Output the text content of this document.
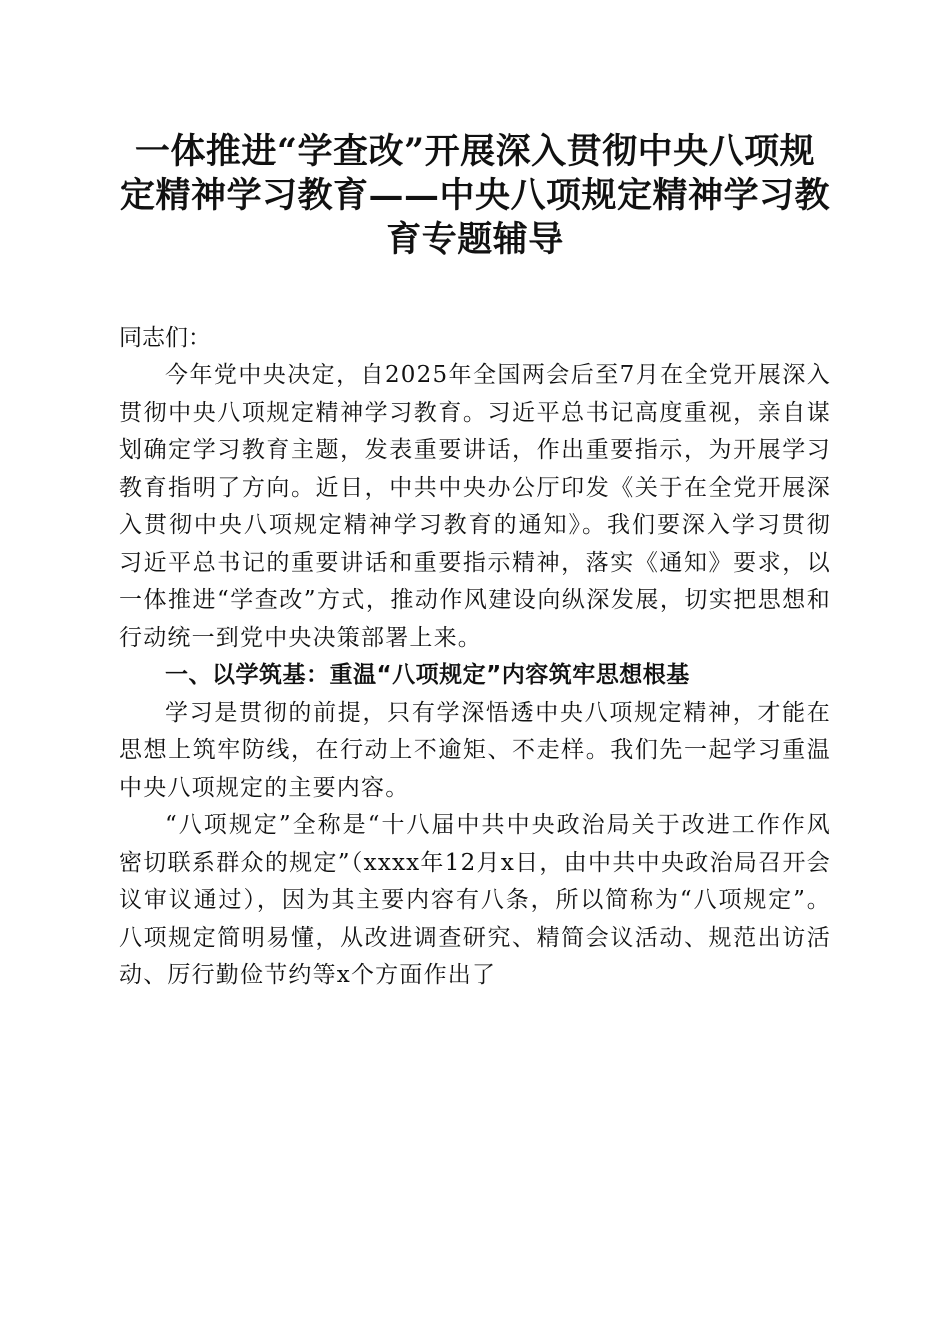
一体推进“学查改”开展深入贯彻中央八项规定精神学习教育——中央八项规定精神学习教育专题辅导
同志们：

今年党中央决定，自2025年全国两会后至7月在全党开展深入贯彻中央八项规定精神学习教育。习近平总书记高度重视，亲自谋划确定学习教育主题，发表重要讲话，作出重要指示，为开展学习教育指明了方向。近日，中共中央办公厅印发《关于在全党开展深入贯彻中央八项规定精神学习教育的通知》。我们要深入学习贯彻习近平总书记的重要讲话和重要指示精神，落实《通知》要求，以一体推进“学查改”方式，推动作风建设向纵深发展，切实把思想和行动统一到党中央决策部署上来。

一、以学筑基：重温“八项规定”内容筑牢思想根基

学习是贯彻的前提，只有学深悟透中央八项规定精神，才能在思想上筑牢防线，在行动上不逾矩、不走样。我们先一起学习重温中央八项规定的主要内容。

“八项规定”全称是“十八届中共中央政治局关于改进工作作风密切联系群众的规定”（xxxx年12月x日，由中共中央政治局召开会议审议通过），因为其主要内容有八条，所以简称为“八项规定”。八项规定简明易懂，从改进调查研究、精简会议活动、规范出访活动、厉行勤俭节约等x个方面作出了
